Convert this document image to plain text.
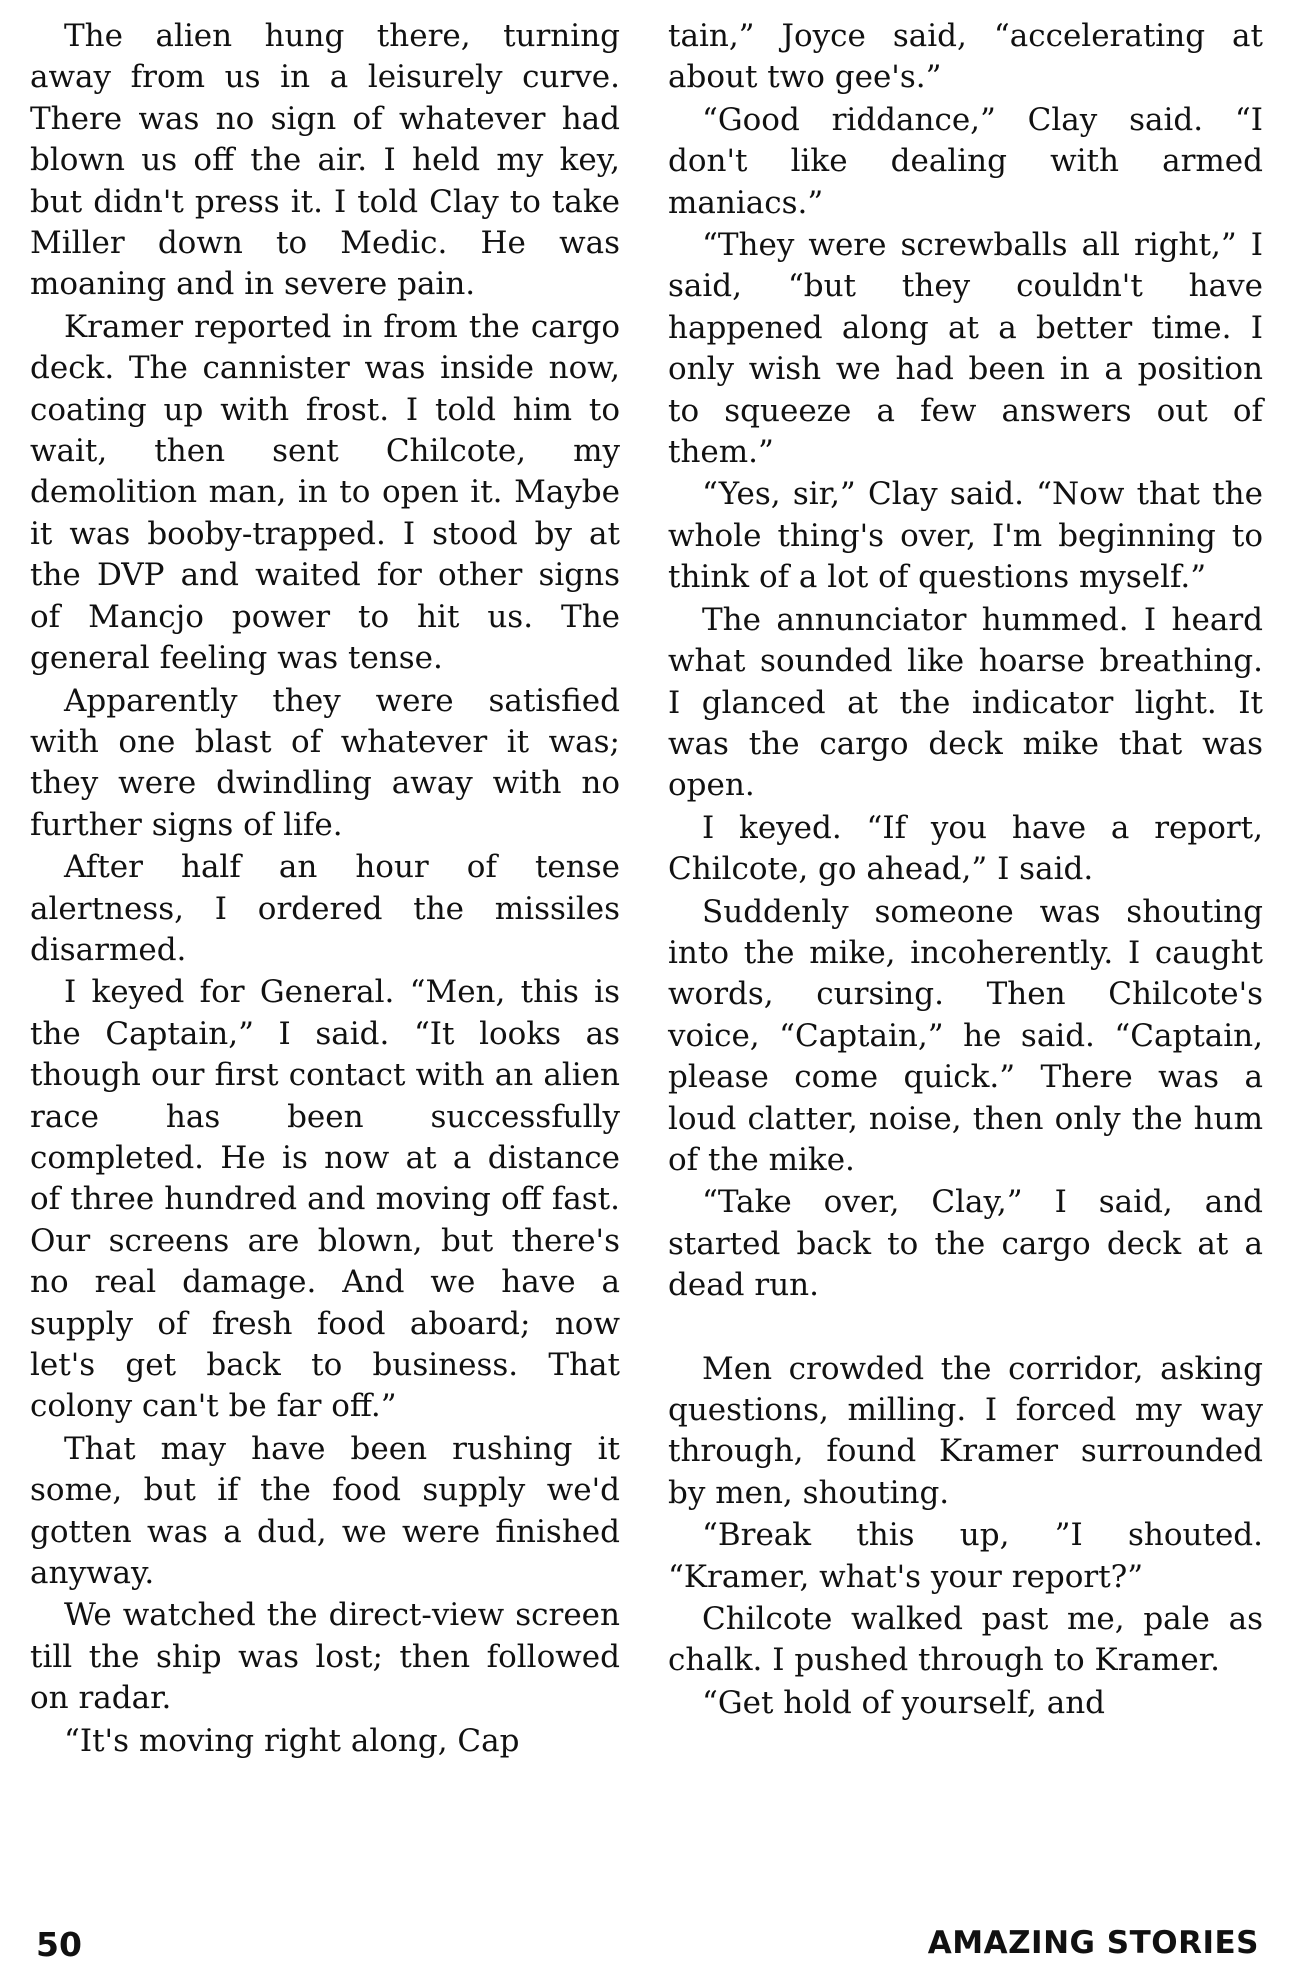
The alien hung there, turning away from us in a leisurely curve. There was no sign of whatever had blown us off the air. I held my key, but didn't press it. I told Clay to take Miller down to Medic. He was moaning and in severe pain.

Kramer reported in from the cargo deck. The cannister was inside now, coating up with frost. I told him to wait, then sent Chilcote, my demolition man, in to open it. Maybe it was booby-trapped. I stood by at the DVP and waited for other signs of Mancjo power to hit us. The general feeling was tense.

Apparently they were satisfied with one blast of whatever it was; they were dwindling away with no further signs of life.

After half an hour of tense alertness, I ordered the missiles disarmed.

I keyed for General. “Men, this is the Captain,” I said. “It looks as though our first contact with an alien race has been successfully completed. He is now at a distance of three hundred and moving off fast. Our screens are blown, but there's no real damage. And we have a supply of fresh food aboard; now let's get back to business. That colony can't be far off.”

That may have been rushing it some, but if the food supply we'd gotten was a dud, we were finished anyway.

We watched the direct-view screen till the ship was lost; then followed on radar.

“It's moving right along, Cap

tain,” Joyce said, “accelerating at about two gee's.”

“Good riddance,” Clay said. “I don't like dealing with armed maniacs.”

“They were screwballs all right,” I said, “but they couldn't have happened along at a better time. I only wish we had been in a position to squeeze a few answers out of them.”

“Yes, sir,” Clay said. “Now that the whole thing's over, I'm beginning to think of a lot of questions myself.”

The annunciator hummed. I heard what sounded like hoarse breathing. I glanced at the indicator light. It was the cargo deck mike that was open.

I keyed. “If you have a report, Chilcote, go ahead,” I said.

Suddenly someone was shouting into the mike, incoherently. I caught words, cursing. Then Chilcote's voice, “Captain,” he said. “Captain, please come quick.” There was a loud clatter, noise, then only the hum of the mike.

“Take over, Clay,” I said, and started back to the cargo deck at a dead run.

Men crowded the corridor, asking questions, milling. I forced my way through, found Kramer surrounded by men, shouting.

“Break this up, ”I shouted. “Kramer, what's your report?”

Chilcote walked past me, pale as chalk. I pushed through to Kramer.

“Get hold of yourself, and

50	AMAZING STORIES
